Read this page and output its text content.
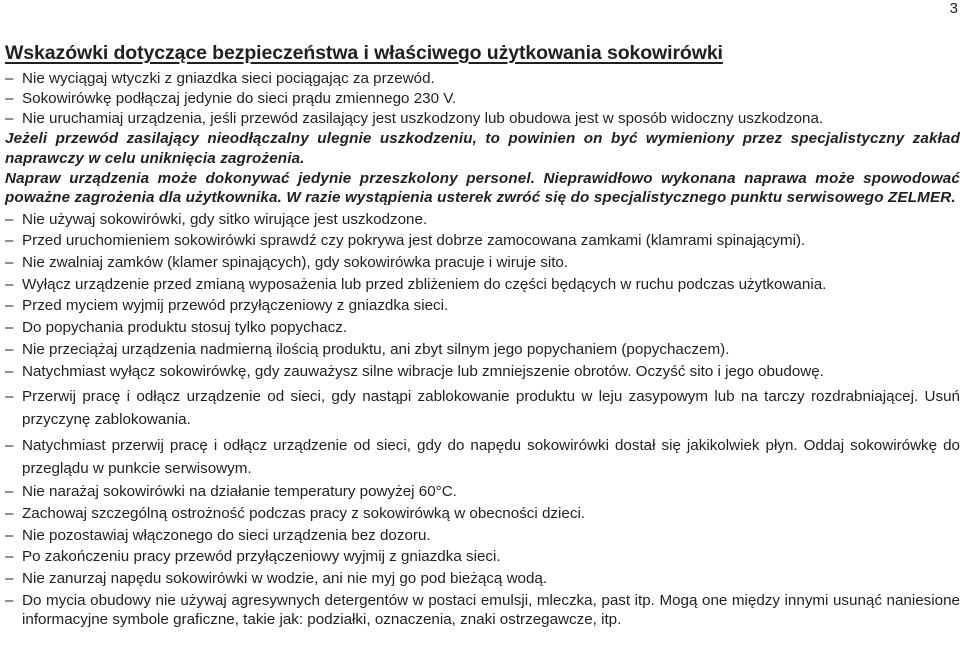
3
Wskazówki dotyczące bezpieczeństwa i właściwego użytkowania sokowirówki
– Nie wyciągaj wtyczki z gniazdka sieci pociągając za przewód.
– Sokowirówkę podłączaj jedynie do sieci prądu zmiennego 230 V.
– Nie uruchamiaj urządzenia, jeśli przewód zasilający jest uszkodzony lub obudowa jest w sposób widoczny uszkodzona.
Jeżeli przewód zasilający nieodłączalny ulegnie uszkodzeniu, to powinien on być wymieniony przez specjalistyczny zakład naprawczy w celu uniknięcia zagrożenia.
Napraw urządzenia może dokonywać jedynie przeszkolony personel. Nieprawidłowo wykonana naprawa może spowodować poważne zagrożenia dla użytkownika. W razie wystąpienia usterek zwróć się do specjalistycznego punktu serwisowego ZELMER.
– Nie używaj sokowirówki, gdy sitko wirujące jest uszkodzone.
– Przed uruchomieniem sokowirówki sprawdź czy pokrywa jest dobrze zamocowana zamkami (klamrami spinającymi).
– Nie zwalniaj zamków (klamer spinających), gdy sokowirówka pracuje i wiruje sito.
– Wyłącz urządzenie przed zmianą wyposażenia lub przed zbliżeniem do części będących w ruchu podczas użytkowania.
– Przed myciem wyjmij przewód przyłączeniowy z gniazdka sieci.
– Do popychania produktu stosuj tylko popychacz.
– Nie przeciążaj urządzenia nadmierną ilością produktu, ani zbyt silnym jego popychaniem (popychaczem).
– Natychmiast wyłącz sokowirówkę, gdy zauważysz silne wibracje lub zmniejszenie obrotów. Oczyść sito i jego obudowę.
– Przerwij pracę i odłącz urządzenie od sieci, gdy nastąpi zablokowanie produktu w leju zasypowym lub na tarczy rozdrabniającej. Usuń przyczynę zablokowania.
– Natychmiast przerwij pracę i odłącz urządzenie od sieci, gdy do napędu sokowirówki dostał się jakikolwiek płyn. Oddaj sokowirówkę do przeglądu w punkcie serwisowym.
– Nie narażaj sokowirówki na działanie temperatury powyżej 60°C.
– Zachowaj szczególną ostrożność podczas pracy z sokowirówką w obecności dzieci.
– Nie pozostawiaj włączonego do sieci urządzenia bez dozoru.
– Po zakończeniu pracy przewód przyłączeniowy wyjmij z gniazdka sieci.
– Nie zanurzaj napędu sokowirówki w wodzie, ani nie myj go pod bieżącą wodą.
– Do mycia obudowy nie używaj agresywnych detergentów w postaci emulsji, mleczka, past itp. Mogą one między innymi usunąć naniesione informacyjne symbole graficzne, takie jak: podziałki, oznaczenia, znaki ostrzegawcze, itp.
